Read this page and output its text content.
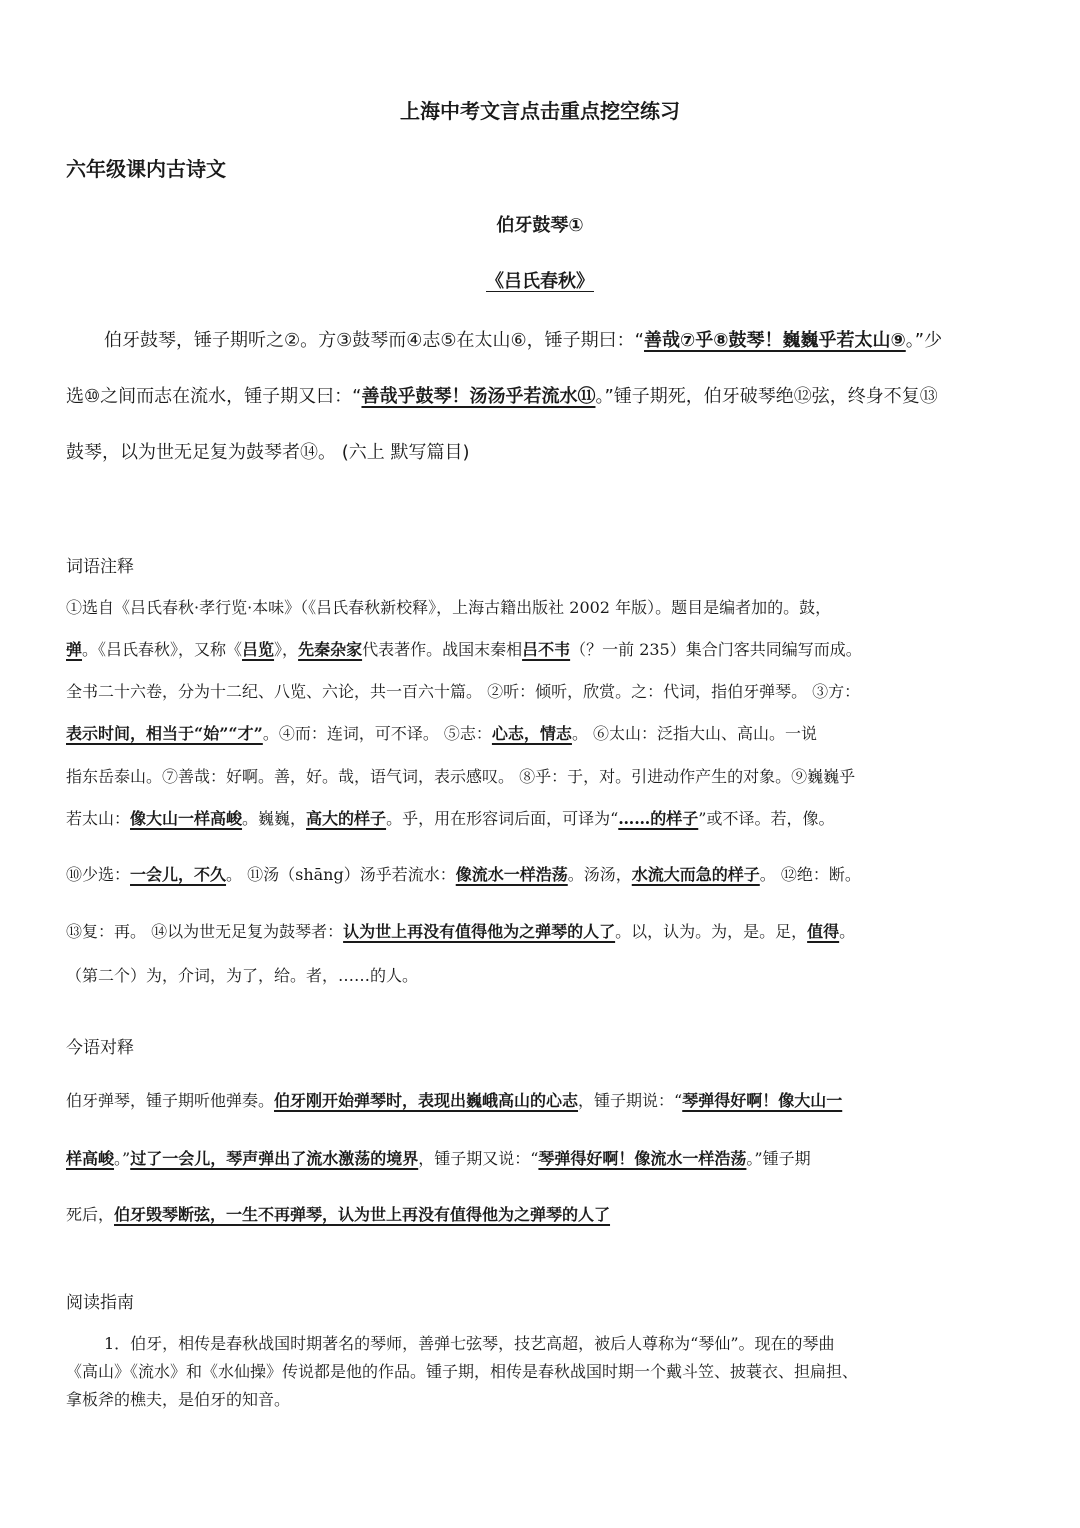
上海中考文言点击重点挖空练习
六年级课内古诗文
伯牙鼓琴①
《吕氏春秋》
伯牙鼓琴，锤子期听之②。方③鼓琴而④志⑤在太山⑥，锤子期曰：“善哉⑦乎⑧鼓琴！巍巍乎若太山⑨。”少
选⑩之间而志在流水，锺子期又曰：“善哉乎鼓琴！汤汤乎若流水⑪。”锺子期死，伯牙破琴绝⑫弦，终身不复⑬
鼓琴，以为世无足复为鼓琴者⑭。 (六上 默写篇目)
词语注释
①选自《吕氏春秋·孝行览·本味》（《吕氏春秋新校释》，上海古籍出版社 2002 年版）。题目是编者加的。鼓，
弹。《吕氏春秋》，又称《吕览》，先秦杂家代表著作。战国末秦相吕不韦（？一前 235）集合门客共同编写而成。
全书二十六卷，分为十二纪、八览、六论，共一百六十篇。 ②听：倾听，欣赏。之：代词，指伯牙弹琴。 ③方：
表示时间，相当于“始”“才”。④而：连词，可不译。 ⑤志：心志，情志。 ⑥太山：泛指大山、高山。一说
指东岳泰山。⑦善哉：好啊。善，好。哉，语气词，表示感叹。 ⑧乎：于，对。引进动作产生的对象。⑨巍巍乎
若太山：像大山一样高峻。巍巍，高大的样子。乎，用在形容词后面，可译为“……的样子”或不译。若，像。
⑩少选：一会儿，不久。 ⑪汤（shāng）汤乎若流水：像流水一样浩荡。汤汤，水流大而急的样子。 ⑫绝：断。
⑬复：再。 ⑭以为世无足复为鼓琴者：认为世上再没有值得他为之弹琴的人了。以，认为。为，是。足，值得。
（第二个）为，介词，为了，给。者，……的人。
今语对释
伯牙弹琴，锺子期听他弹奏。伯牙刚开始弹琴时，表现出巍峨高山的心志，锺子期说：“琴弹得好啊！像大山一
样高峻。”过了一会儿，琴声弹出了流水激荡的境界，锺子期又说：“琴弹得好啊！像流水一样浩荡。”锺子期
死后，伯牙毁琴断弦，一生不再弹琴，认为世上再没有值得他为之弹琴的人了
阅读指南
1．伯牙，相传是春秋战国时期著名的琴师，善弹七弦琴，技艺高超，被后人尊称为“琴仙”。现在的琴曲
《高山》《流水》和《水仙操》传说都是他的作品。锺子期，相传是春秋战国时期一个戴斗笠、披蓑衣、担扁担、
拿板斧的樵夫，是伯牙的知音。
